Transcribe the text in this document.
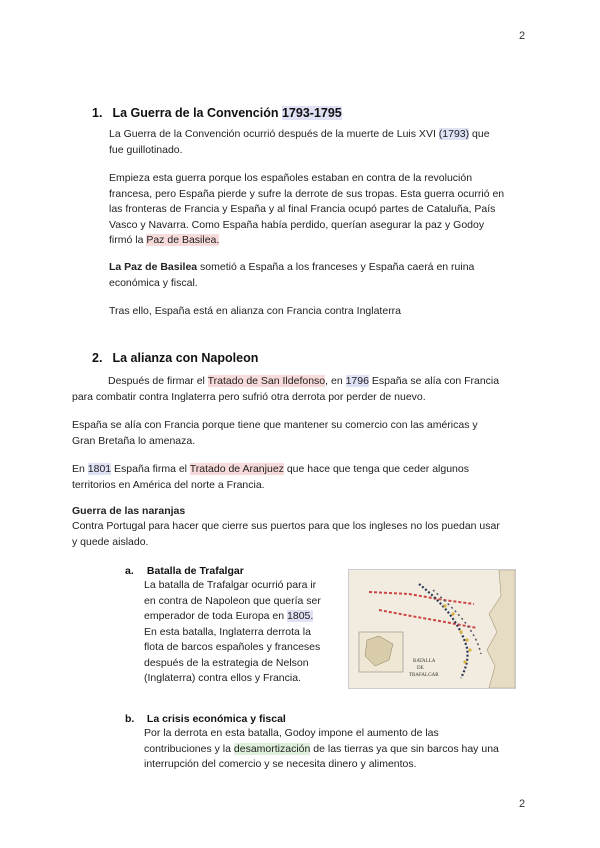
2
2
1. La Guerra de la Convención 1793-1795
La Guerra de la Convención ocurrió después de la muerte de Luis XVI (1793) que
fue guillotinado.
Empieza esta guerra porque los españoles estaban en contra de la revolución
francesa, pero España pierde y sufre la derrote de sus tropas. Esta guerra ocurrió en
las fronteras de Francia y España y al final Francia ocupó partes de Cataluña, País
Vasco y Navarra. Como España había perdido, querían asegurar la paz y Godoy
firmó la Paz de Basilea.
La Paz de Basilea sometió a España a los franceses y España caerá en ruina
económica y fiscal.
Tras ello, España está en alianza con Francia contra Inglaterra
2. La alianza con Napoleon
Después de firmar el Tratado de San Ildefonso, en 1796 España se alía con Francia
para combatir contra Inglaterra pero sufrió otra derrota por perder de nuevo.
España se alía con Francia porque tiene que mantener su comercio con las américas y
Gran Bretaña lo amenaza.
En 1801 España firma el Tratado de Aranjuez que hace que tenga que ceder algunos
territorios en América del norte a Francia.
Guerra de las naranjas
Contra Portugal para hacer que cierre sus puertos para que los ingleses no los puedan usar
y quede aislado.
a. Batalla de Trafalgar
La batalla de Trafalgar ocurrió para ir
en contra de Napoleon que quería ser
emperador de toda Europa en 1805.
En esta batalla, Inglaterra derrota la
flota de barcos españoles y franceses
después de la estrategia de Nelson
(Inglaterra) contra ellos y Francia.
BATALLA
DE
TRAFALGAR
b. La crisis económica y fiscal
Por la derrota en esta batalla, Godoy impone el aumento de las
contribuciones y la desamortización de las tierras ya que sin barcos hay una
interrupción del comercio y se necesita dinero y alimentos.
